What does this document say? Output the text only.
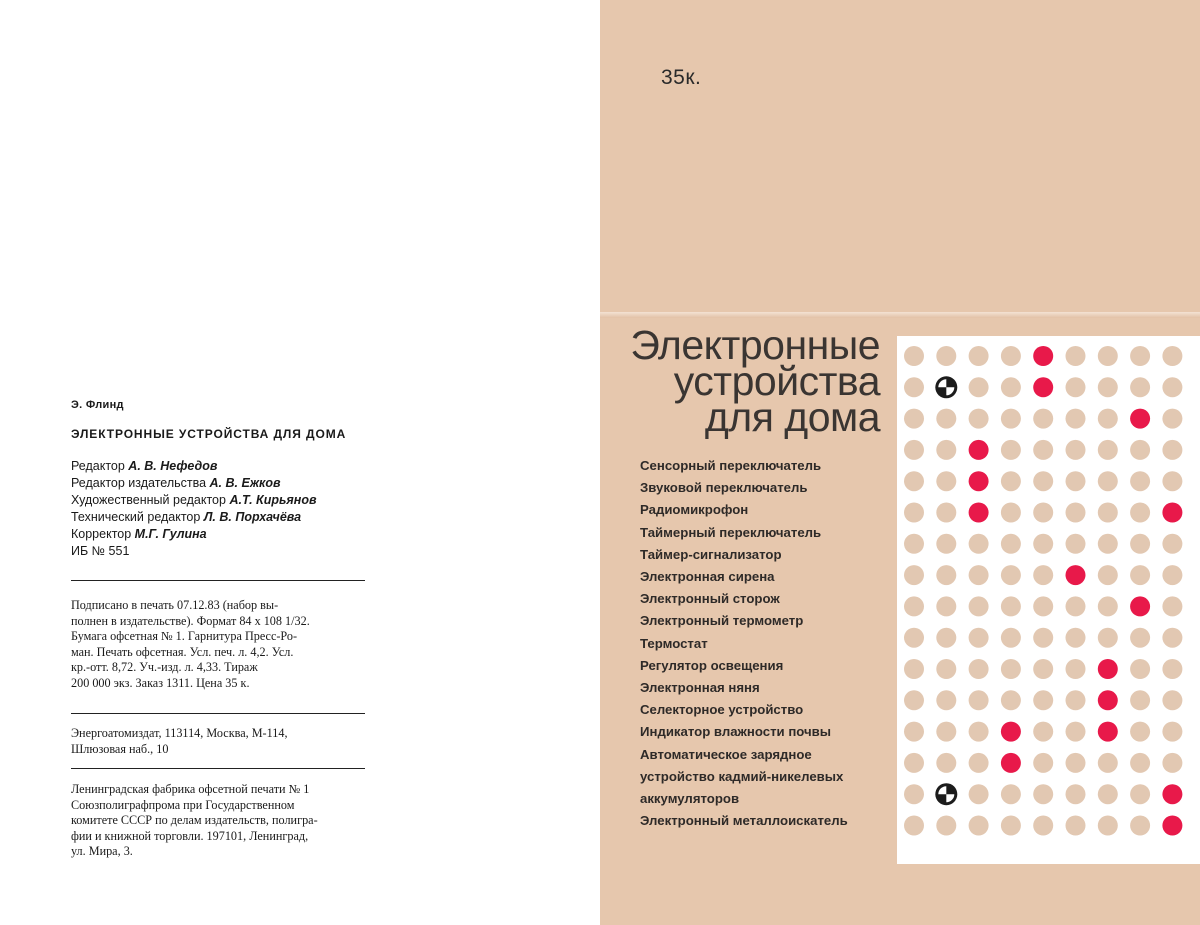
Э. Флинд
ЭЛЕКТРОННЫЕ УСТРОЙСТВА ДЛЯ ДОМА
Редактор А. В. Нефедов
Редактор издательства А. В. Ежков
Художественный редактор А.Т. Кирьянов
Технический редактор Л. В. Порхачёва
Корректор М.Г. Гулина
ИБ № 551
Подписано в печать 07.12.83 (набор вы-
полнен в издательстве). Формат 84 x 108 1/32.
Бумага офсетная № 1. Гарнитура Пресс-Ро-
ман. Печать офсетная. Усл. печ. л. 4,2. Усл.
кр.-отт. 8,72. Уч.-изд. л. 4,33. Тираж
200 000 экз. Заказ 1311. Цена 35 к.
Энергоатомиздат, 113114, Москва, М-114,
Шлюзовая наб., 10
Ленинградская фабрика офсетной печати № 1
Союзполиграфпрома при Государственном
комитете СССР по делам издательств, полигра-
фии и книжной торговли. 197101, Ленинград,
ул. Мира, 3.
35к.
Электронные
устройства
для дома
Сенсорный переключатель
Звуковой переключатель
Радиомикрофон
Таймерный переключатель
Таймер-сигнализатор
Электронная сирена
Электронный сторож
Электронный термометр
Термостат
Регулятор освещения
Электронная няня
Селекторное устройство
Индикатор влажности почвы
Автоматическое зарядное
устройство кадмий-никелевых
аккумуляторов
Электронный металлоискатель
